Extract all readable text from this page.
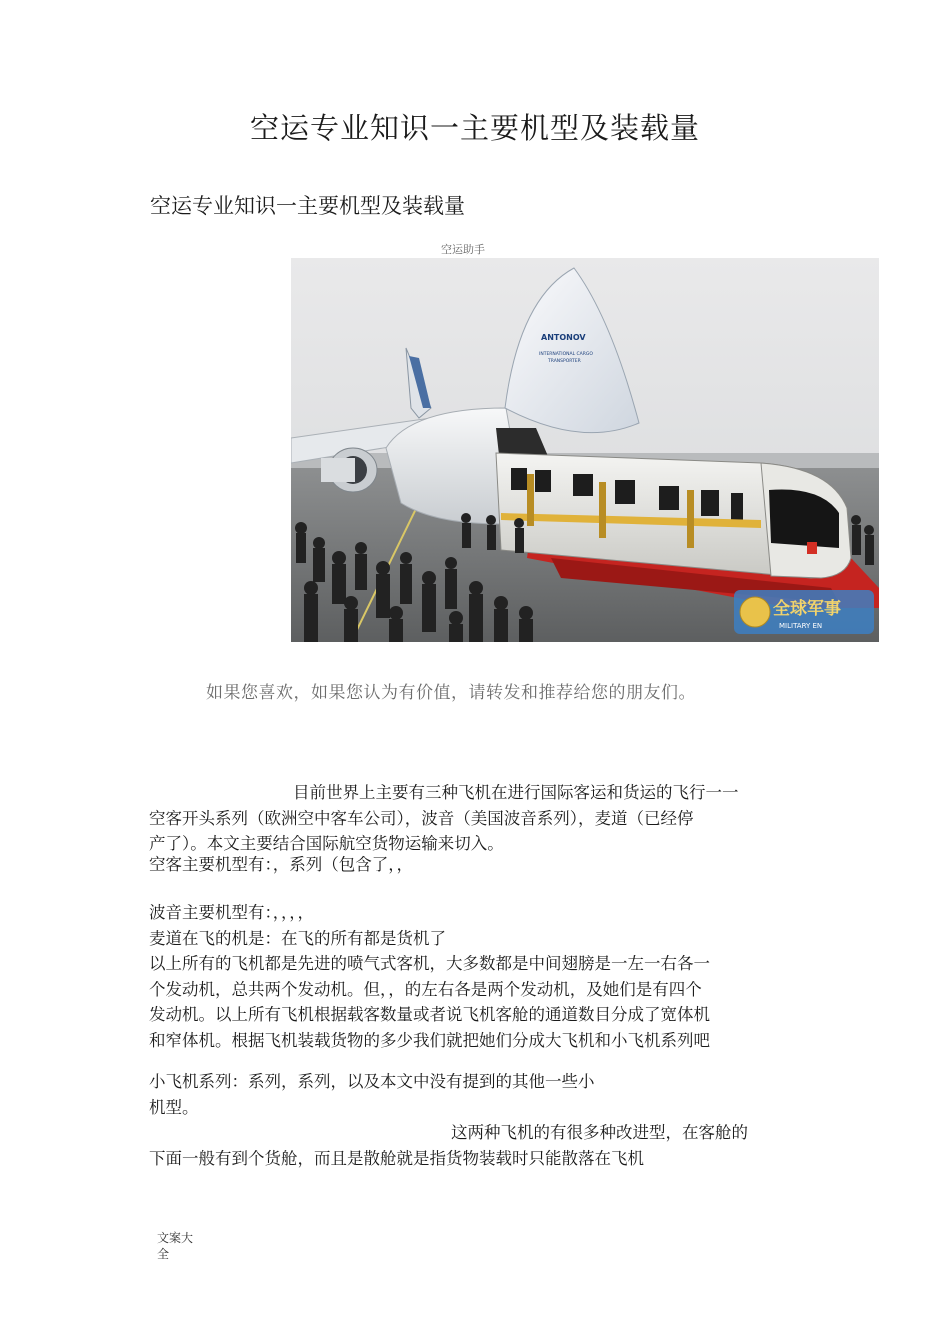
空运专业知识一主要机型及装载量
空运专业知识一主要机型及装载量
空运助手
ANTONOV
INTERNATIONAL CARGO
TRANSPORTER
全球军事
MILITARY EN
如果您喜欢，如果您认为有价值，请转发和推荐给您的朋友们。
目前世界上主要有三种飞机在进行国际客运和货运的飞行一一
空客开头系列（欧洲空中客车公司），波音（美国波音系列），麦道（已经停
产了）。本文主要结合国际航空货物运输来切入。
空客主要机型有：，系列（包含了，，
波音主要机型有：，，，，
麦道在飞的机是：在飞的所有都是货机了
以上所有的飞机都是先进的喷气式客机，大多数都是中间翅膀是一左一右各一
个发动机，总共两个发动机。但，，的左右各是两个发动机，及她们是有四个
发动机。以上所有飞机根据载客数量或者说飞机客舱的通道数目分成了宽体机
和窄体机。根据飞机装载货物的多少我们就把她们分成大飞机和小飞机系列吧
小飞机系列：系列，系列，以及本文中没有提到的其他一些小
机型。
这两种飞机的有很多种改进型，在客舱的
下面一般有到个货舱，而且是散舱就是指货物装载时只能散落在飞机
文案大全
